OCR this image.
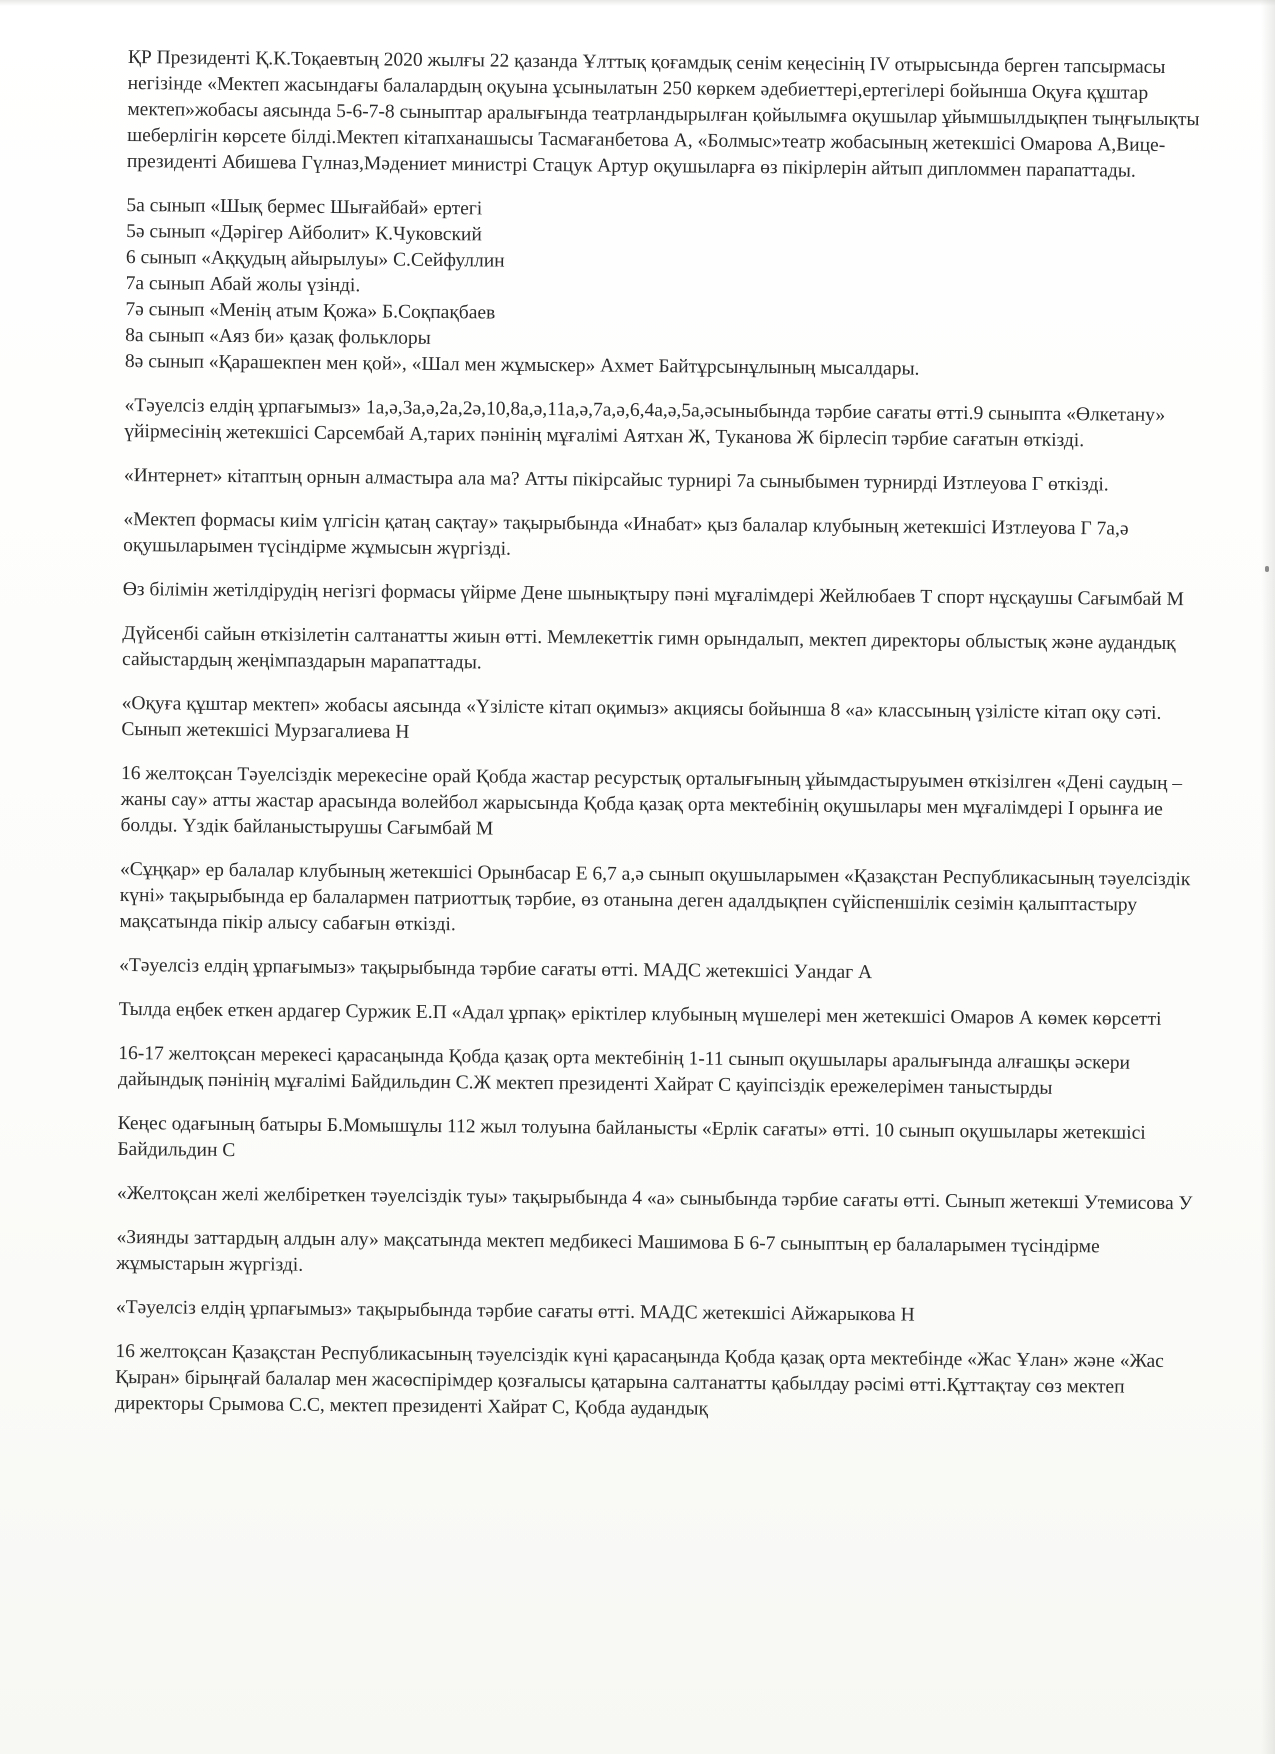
ҚР Президенті Қ.К.Тоқаевтың 2020 жылғы 22 қазанда Ұлттық қоғамдық сенім кеңесінің IV отырысында берген тапсырмасы негізінде «Мектеп жасындағы балалардың оқуына ұсынылатын 250 көркем әдебиеттері,ертегілері бойынша Оқуға құштар мектеп»жобасы аясында 5-6-7-8 сыныптар аралығында театрландырылған қойылымға оқушылар ұйымшылдықпен тыңғылықты шеберлігін көрсете білді.Мектеп кітапханашысы Тасмағанбетова А, «Болмыс»театр жобасының жетекшісі Омарова А,Вице-президенті Абишева Гүлназ,Мәдениет министрі Стацук Артур оқушыларға өз пікірлерін айтып дипломмен парапаттады.

5а сынып «Шық бермес Шығайбай» ертегі
5ә сынып «Дәрігер Айболит» К.Чуковский
6 сынып «Аққудың айырылуы» С.Сейфуллин
7а сынып Абай жолы үзінді.
7ә сынып «Менің атым Қожа» Б.Соқпақбаев
8а сынып «Аяз би» қазақ фольклоры
8ә сынып «Қарашекпен мен қой», «Шал мен жұмыскер» Ахмет Байтұрсынұлының мысалдары.

«Тәуелсіз елдің ұрпағымыз» 1а,ә,3а,ә,2а,2ә,10,8а,ә,11а,ә,7а,ә,6,4а,ә,5а,әсыныбында тәрбие сағаты өтті.9 сыныпта «Өлкетану» үйірмесінің жетекшісі Сарсембай А,тарих пәнінің мұғалімі Аятхан Ж, Туканова Ж бірлесіп тәрбие сағатын өткізді.

«Интернет» кітаптың орнын алмастыра ала ма? Атты пікірсайыс турнирі 7а сыныбымен турнирді Изтлеуова Г өткізді.

«Мектеп формасы киім үлгісін қатаң сақтау» тақырыбында «Инабат» қыз балалар клубының жетекшісі Изтлеуова Г 7а,ә оқушыларымен түсіндірме жұмысын жүргізді.

Өз білімін жетілдірудің негізгі формасы үйірме Дене шынықтыру пәні мұғалімдері Жейлюбаев Т спорт нұсқаушы Сағымбай М

Дүйсенбі сайын өткізілетін салтанатты жиын өтті. Мемлекеттік гимн орындалып, мектеп директоры облыстық және аудандық сайыстардың жеңімпаздарын марапаттады.

«Оқуға құштар мектеп» жобасы аясында «Үзілісте кітап оқимыз» акциясы бойынша 8 «а» классының үзілісте кітап оқу сәті. Сынып жетекшісі Мурзагалиева Н

16 желтоқсан Тәуелсіздік мерекесіне орай Қобда жастар ресурстық орталығының ұйымдастыруымен өткізілген «Дені саудың – жаны сау» атты жастар арасында волейбол жарысында Қобда қазақ орта мектебінің оқушылары мен мұғалімдері I орынға ие болды. Үздік байланыстырушы Сағымбай М

«Сұңқар» ер балалар клубының жетекшісі Орынбасар Е 6,7 а,ә сынып оқушыларымен «Қазақстан Республикасының тәуелсіздік күні» тақырыбында ер балалармен патриоттық тәрбие, өз отанына деген адалдықпен сүйіспеншілік сезімін қалыптастыру мақсатында пікір алысу сабағын өткізді.

«Тәуелсіз елдің ұрпағымыз» тақырыбында тәрбие сағаты өтті. МАДС жетекшісі Уандаг А

Тылда еңбек еткен ардагер Суржик Е.П «Адал ұрпақ» еріктілер клубының мүшелері мен жетекшісі Омаров А көмек көрсетті

16-17 желтоқсан мерекесі қарасаңында Қобда қазақ орта мектебінің 1-11 сынып оқушылары аралығында алғашқы әскери дайындық пәнінің мұғалімі Байдильдин С.Ж мектеп президенті Хайрат С қауіпсіздік ережелерімен таныстырды

Кеңес одағының батыры Б.Момышұлы 112 жыл толуына байланысты «Ерлік сағаты» өтті. 10 сынып оқушылары жетекшісі Байдильдин С

«Желтоқсан желі желбіреткен тәуелсіздік туы» тақырыбында 4 «а» сыныбында тәрбие сағаты өтті. Сынып жетекші Утемисова У

«Зиянды заттардың алдын алу» мақсатында мектеп медбикесі Машимова Б 6-7 сыныптың ер балаларымен түсіндірме жұмыстарын жүргізді.

«Тәуелсіз елдің ұрпағымыз» тақырыбында тәрбие сағаты өтті. МАДС жетекшісі Айжарыкова Н

16 желтоқсан Қазақстан Республикасының тәуелсіздік күні қарасаңында Қобда қазақ орта мектебінде «Жас Ұлан» және «Жас Қыран» бірыңғай балалар мен жасөспірімдер қозғалысы қатарына салтанатты қабылдау рәсімі өтті.Құттақтау сөз мектеп директоры Срымова С.С, мектеп президенті Хайрат С, Қобда аудандық
